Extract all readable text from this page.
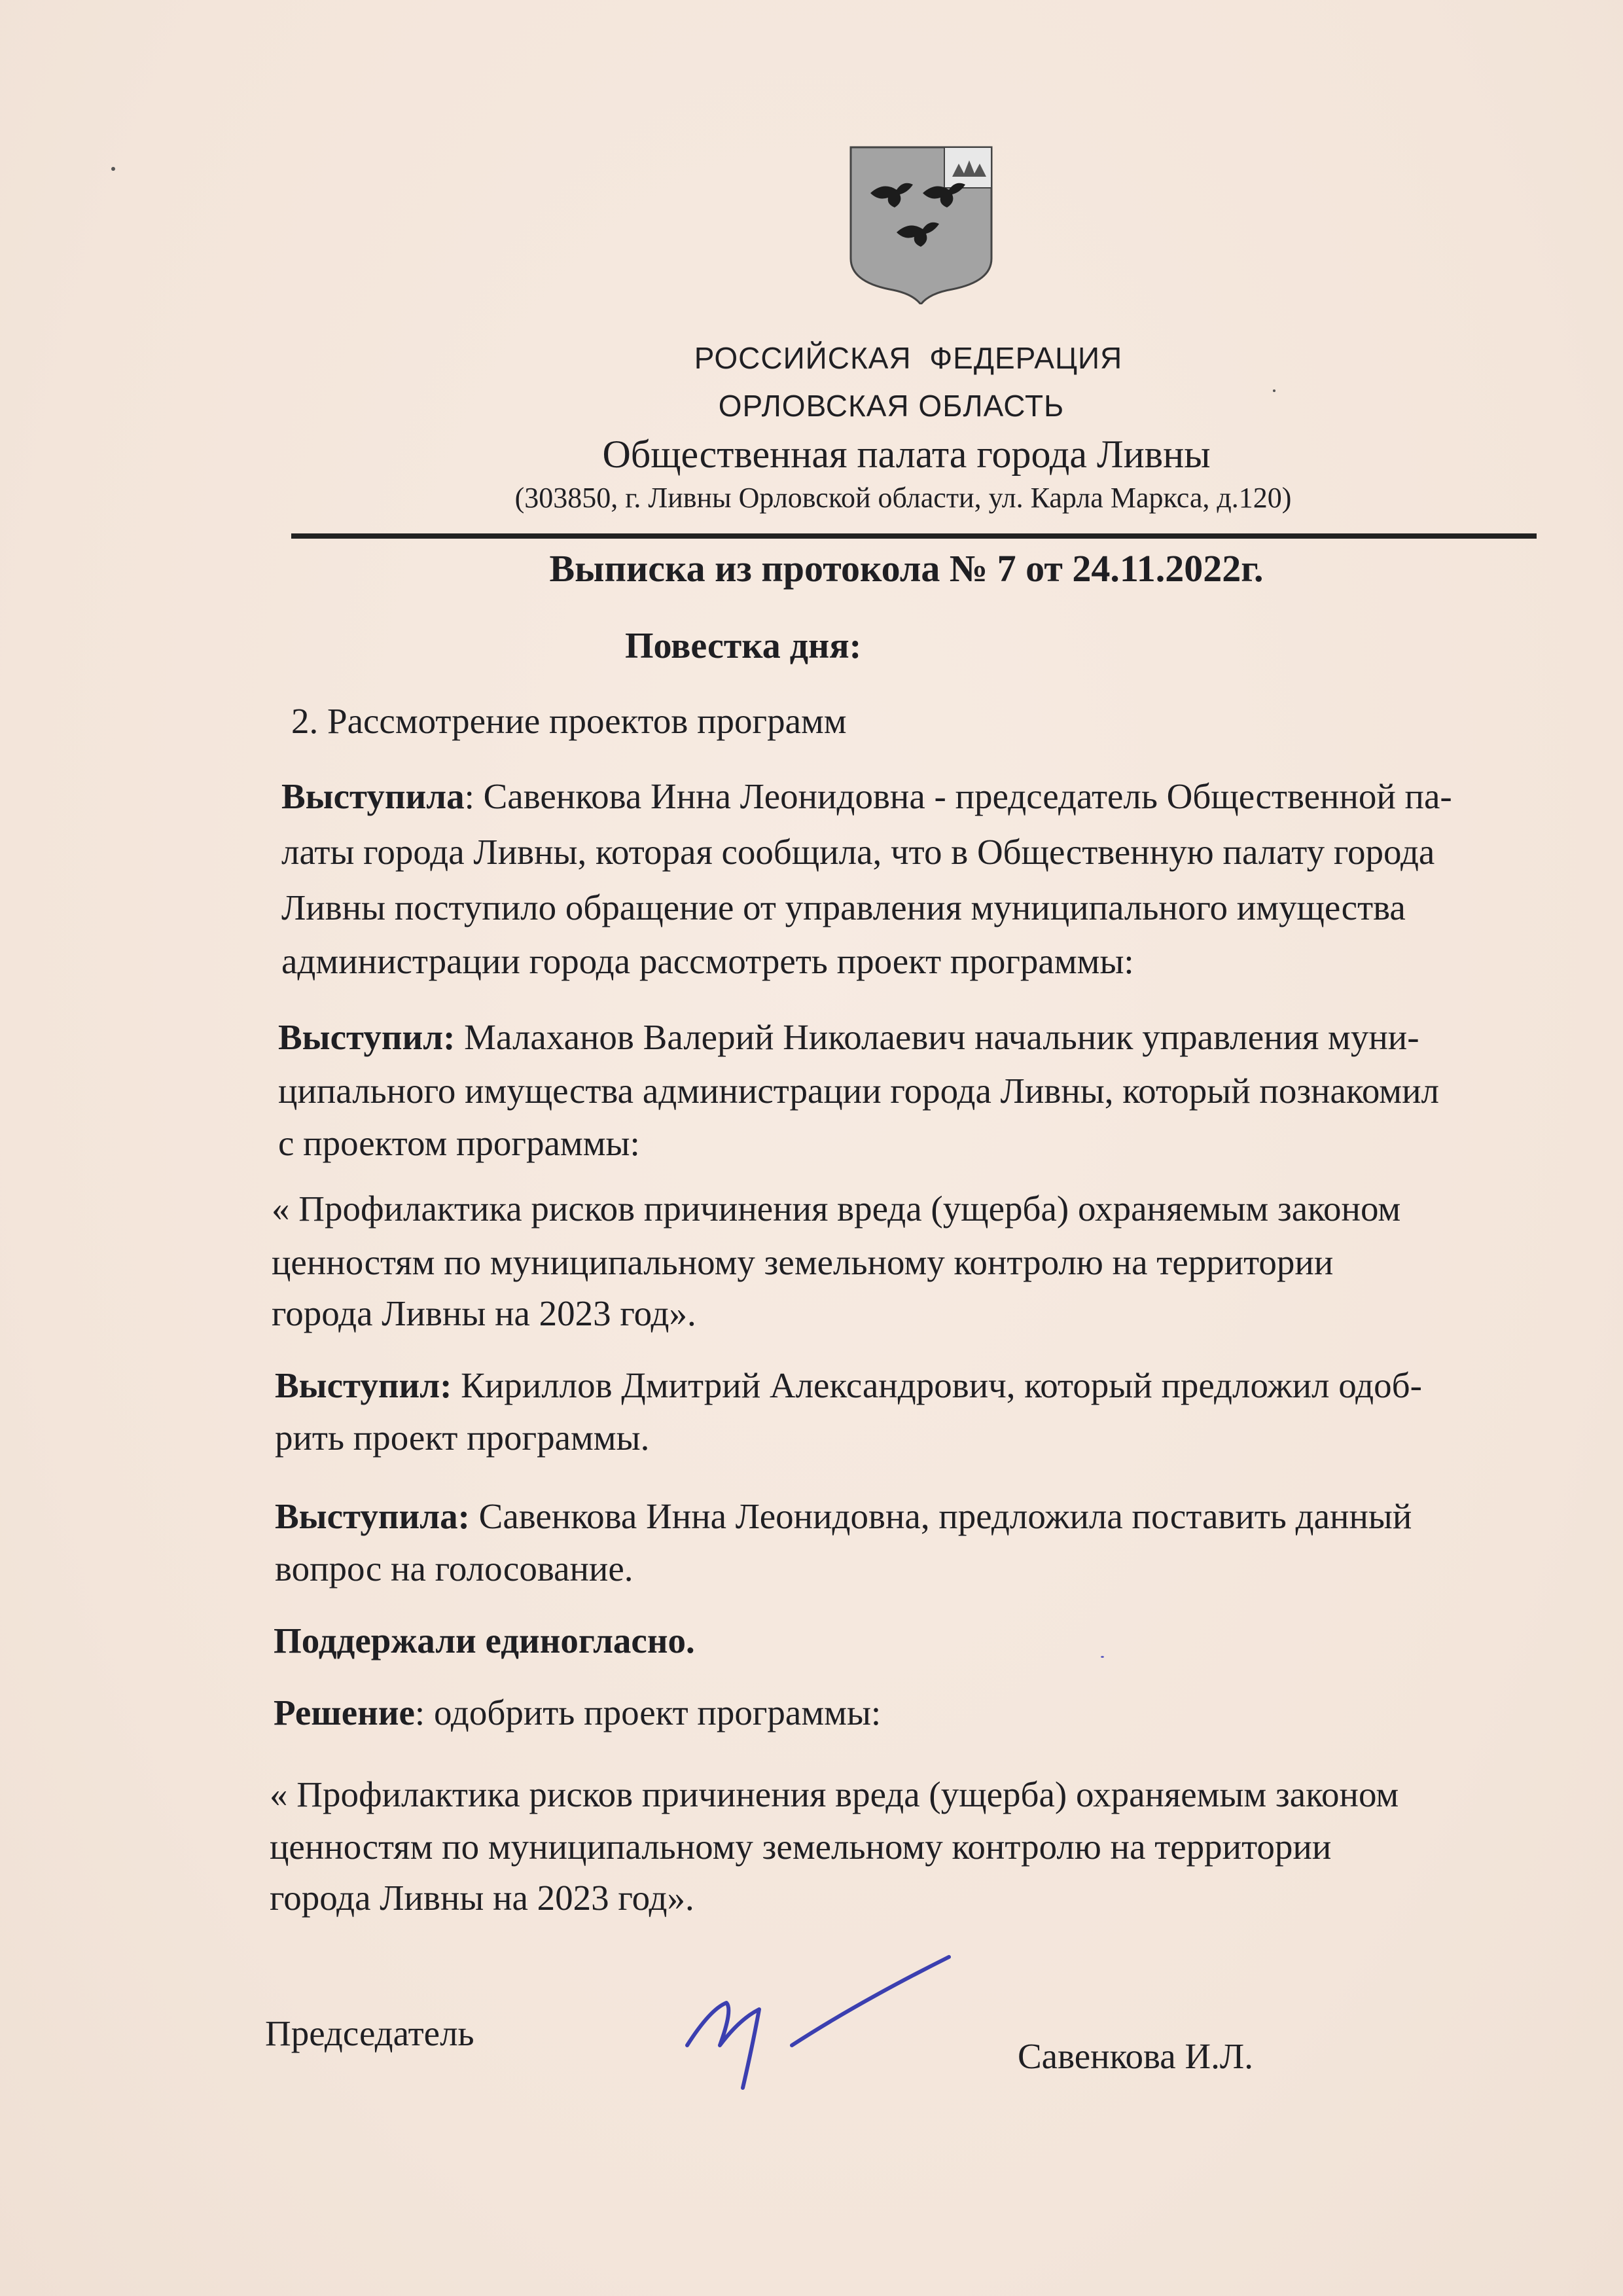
РОССИЙСКАЯ  ФЕДЕРАЦИЯ
ОРЛОВСКАЯ ОБЛАСТЬ
Общественная палата города Ливны
(303850, г. Ливны Орловской области, ул. Карла Маркса, д.120)
Выписка из протокола № 7 от 24.11.2022г.
Повестка дня:
2. Рассмотрение проектов программ
Выступила: Савенкова Инна Леонидовна - председатель Общественной па-
латы города Ливны, которая сообщила, что в Общественную палату города
Ливны поступило обращение от управления муниципального имущества
администрации города рассмотреть проект программы:
Выступил: Малаханов Валерий Николаевич начальник управления муни-
ципального имущества администрации города Ливны, который познакомил
с проектом программы:
« Профилактика рисков причинения вреда (ущерба) охраняемым законом
ценностям по муниципальному земельному контролю на территории
города Ливны на 2023 год».
Выступил: Кириллов Дмитрий Александрович, который предложил одоб-
рить проект программы.
Выступила: Савенкова Инна Леонидовна, предложила поставить данный
вопрос на голосование.
Поддержали единогласно.
Решение: одобрить проект программы:
« Профилактика рисков причинения вреда (ущерба) охраняемым законом
ценностям по муниципальному земельному контролю на территории
города Ливны на 2023 год».
Председатель
Савенкова И.Л.
